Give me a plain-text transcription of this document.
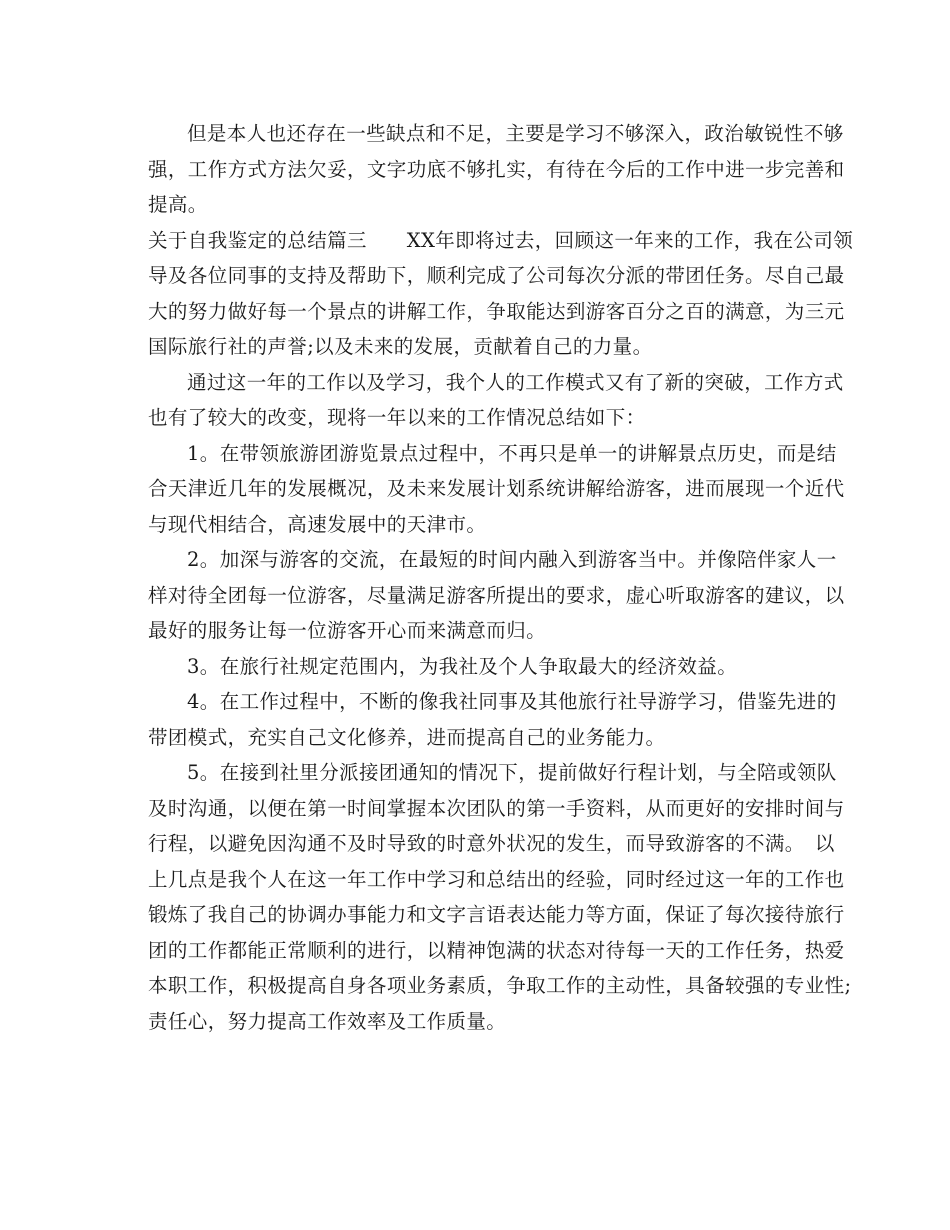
但是本人也还存在一些缺点和不足，主要是学习不够深入，政治敏锐性不够
强，工作方式方法欠妥，文字功底不够扎实，有待在今后的工作中进一步完善和
提高。
关于自我鉴定的总结篇三　　XX年即将过去，回顾这一年来的工作，我在公司领
导及各位同事的支持及帮助下，顺利完成了公司每次分派的带团任务。尽自己最
大的努力做好每一个景点的讲解工作，争取能达到游客百分之百的满意，为三元
国际旅行社的声誉;以及未来的发展，贡献着自己的力量。
通过这一年的工作以及学习，我个人的工作模式又有了新的突破，工作方式
也有了较大的改变，现将一年以来的工作情况总结如下：
1。在带领旅游团游览景点过程中，不再只是单一的讲解景点历史，而是结
合天津近几年的发展概况，及未来发展计划系统讲解给游客，进而展现一个近代
与现代相结合，高速发展中的天津市。
2。加深与游客的交流，在最短的时间内融入到游客当中。并像陪伴家人一
样对待全团每一位游客，尽量满足游客所提出的要求，虚心听取游客的建议，以
最好的服务让每一位游客开心而来满意而归。
3。在旅行社规定范围内，为我社及个人争取最大的经济效益。
4。在工作过程中，不断的像我社同事及其他旅行社导游学习，借鉴先进的
带团模式，充实自己文化修养，进而提高自己的业务能力。
5。在接到社里分派接团通知的情况下，提前做好行程计划，与全陪或领队
及时沟通，以便在第一时间掌握本次团队的第一手资料，从而更好的安排时间与
行程，以避免因沟通不及时导致的时意外状况的发生，而导致游客的不满。　以
上几点是我个人在这一年工作中学习和总结出的经验，同时经过这一年的工作也
锻炼了我自己的协调办事能力和文字言语表达能力等方面，保证了每次接待旅行
团的工作都能正常顺利的进行，以精神饱满的状态对待每一天的工作任务，热爱
本职工作，积极提高自身各项业务素质，争取工作的主动性，具备较强的专业性;
责任心，努力提高工作效率及工作质量。
